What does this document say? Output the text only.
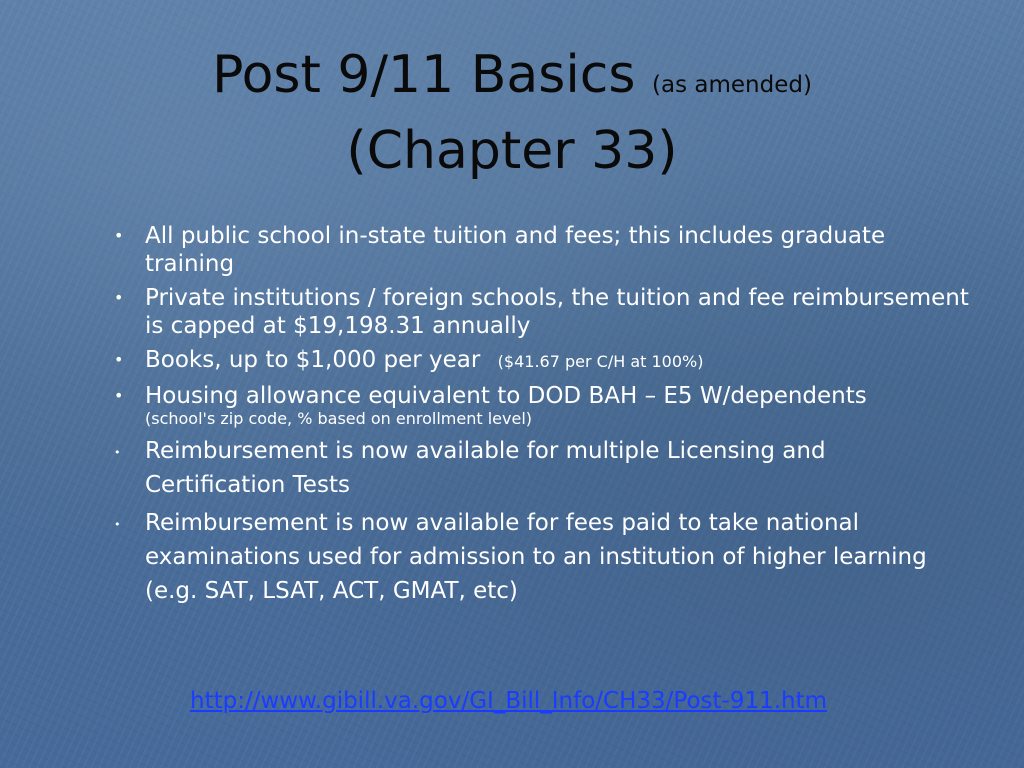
Post 9/11 Basics (as amended)
(Chapter 33)
• All public school in-state tuition and fees; this includes graduate training
• Private institutions / foreign schools, the tuition and fee reimbursement is capped at $19,198.31 annually
• Books, up to $1,000 per year ($41.67 per C/H at 100%)
• Housing allowance equivalent to DOD BAH – E5 W/dependents
(school's zip code, % based on enrollment level)
• Reimbursement is now available for multiple Licensing and Certification Tests
• Reimbursement is now available for fees paid to take national examinations used for admission to an institution of higher learning (e.g. SAT, LSAT, ACT, GMAT, etc)
http://www.gibill.va.gov/GI_Bill_Info/CH33/Post-911.htm
